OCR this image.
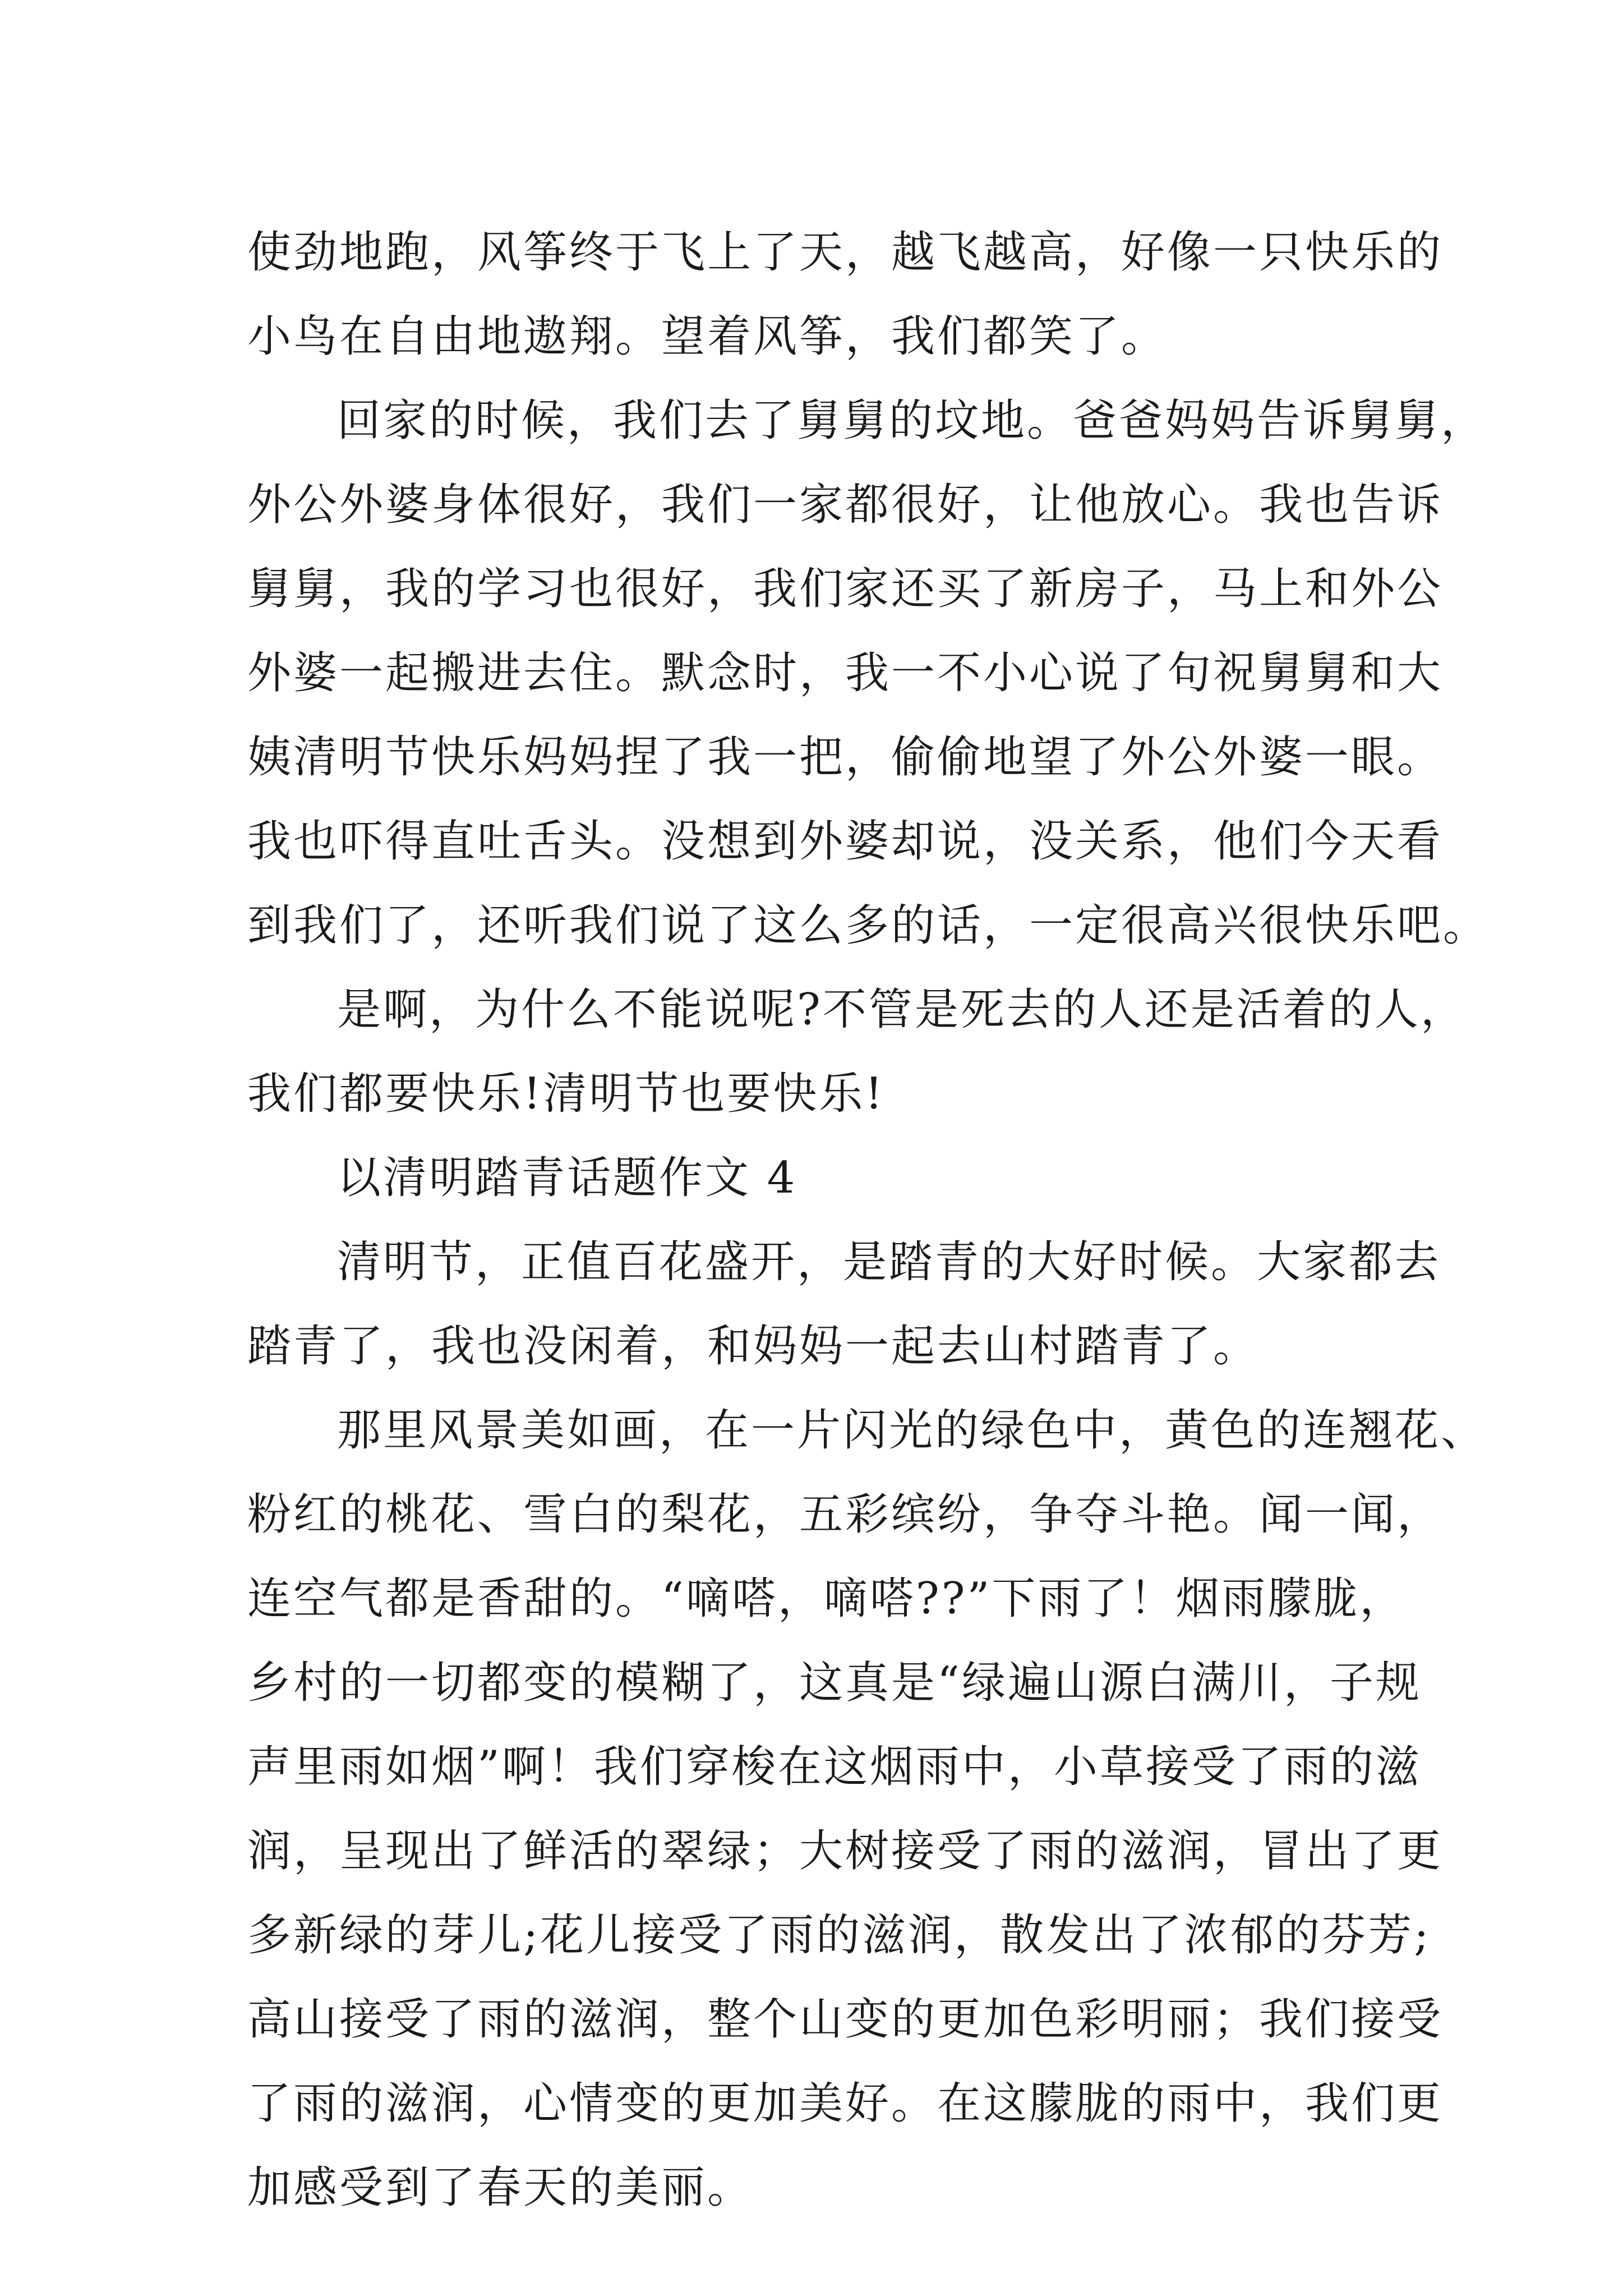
使劲地跑，风筝终于飞上了天，越飞越高，好像一只快乐的
小鸟在自由地遨翔。望着风筝，我们都笑了。
回家的时候，我们去了舅舅的坟地。爸爸妈妈告诉舅舅，
外公外婆身体很好，我们一家都很好，让他放心。我也告诉
舅舅，我的学习也很好，我们家还买了新房子，马上和外公
外婆一起搬进去住。默念时，我一不小心说了句祝舅舅和大
姨清明节快乐妈妈捏了我一把，偷偷地望了外公外婆一眼。
我也吓得直吐舌头。没想到外婆却说，没关系，他们今天看
到我们了，还听我们说了这么多的话，一定很高兴很快乐吧。
是啊，为什么不能说呢?不管是死去的人还是活着的人，
我们都要快乐!清明节也要快乐!
以清明踏青话题作文 4
清明节，正值百花盛开，是踏青的大好时候。大家都去
踏青了，我也没闲着，和妈妈一起去山村踏青了。
那里风景美如画，在一片闪光的绿色中，黄色的连翘花、
粉红的桃花、雪白的梨花，五彩缤纷，争夺斗艳。闻一闻，
连空气都是香甜的。“嘀嗒，嘀嗒??”下雨了！烟雨朦胧，
乡村的一切都变的模糊了，这真是“绿遍山源白满川，子规
声里雨如烟”啊！我们穿梭在这烟雨中，小草接受了雨的滋
润，呈现出了鲜活的翠绿；大树接受了雨的滋润，冒出了更
多新绿的芽儿;花儿接受了雨的滋润，散发出了浓郁的芬芳;
高山接受了雨的滋润，整个山变的更加色彩明丽；我们接受
了雨的滋润，心情变的更加美好。在这朦胧的雨中，我们更
加感受到了春天的美丽。
